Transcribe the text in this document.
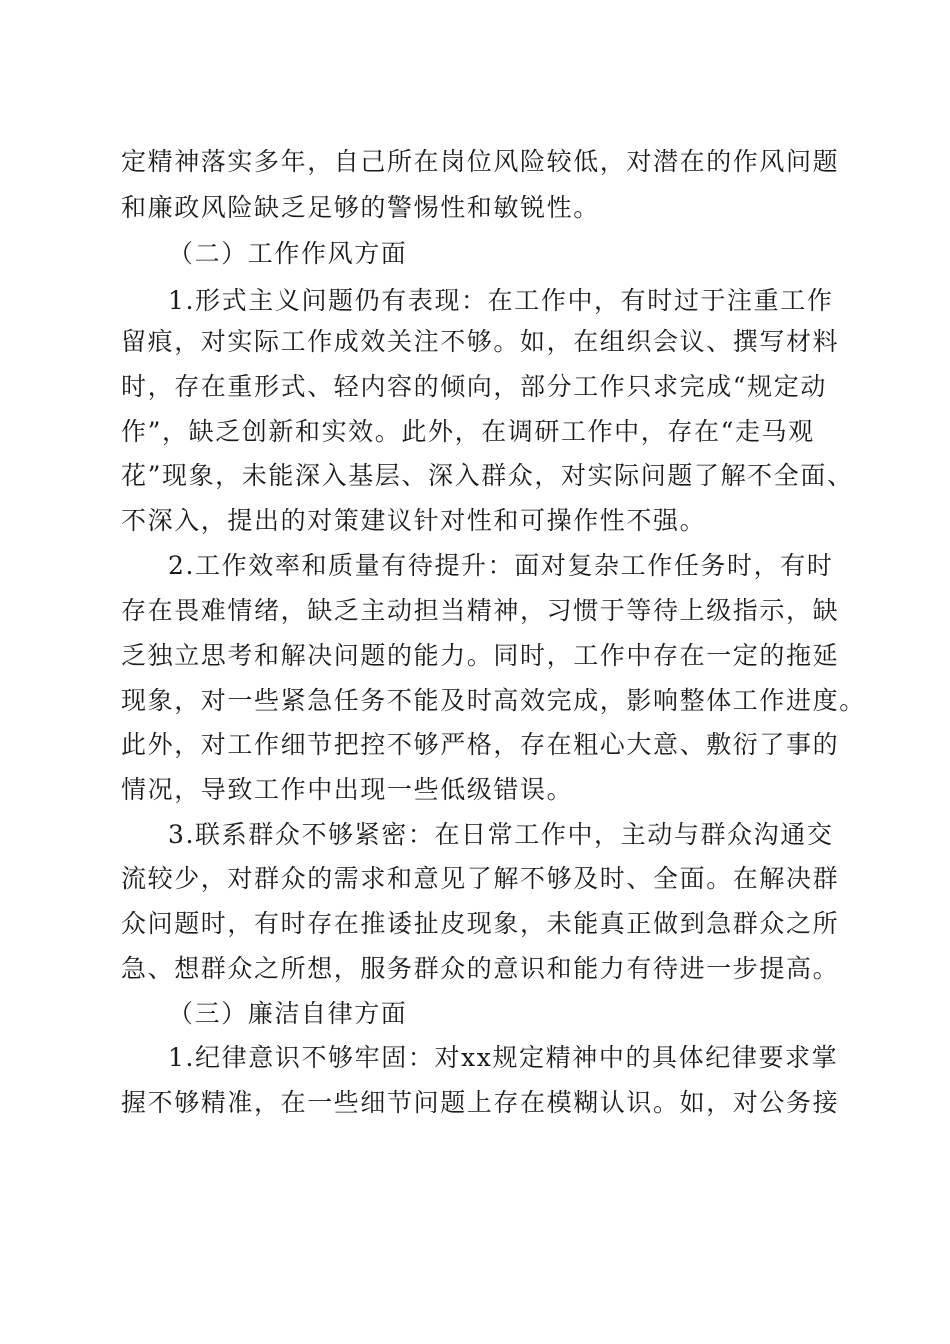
定精神落实多年，自己所在岗位风险较低，对潜在的作风问题
和廉政风险缺乏足够的警惕性和敏锐性。
（二）工作作风方面
1.形式主义问题仍有表现：在工作中，有时过于注重工作
留痕，对实际工作成效关注不够。如，在组织会议、撰写材料
时，存在重形式、轻内容的倾向，部分工作只求完成“规定动
作”，缺乏创新和实效。此外，在调研工作中，存在“走马观
花”现象，未能深入基层、深入群众，对实际问题了解不全面、
不深入，提出的对策建议针对性和可操作性不强。
2.工作效率和质量有待提升：面对复杂工作任务时，有时
存在畏难情绪，缺乏主动担当精神，习惯于等待上级指示，缺
乏独立思考和解决问题的能力。同时，工作中存在一定的拖延
现象，对一些紧急任务不能及时高效完成，影响整体工作进度。
此外，对工作细节把控不够严格，存在粗心大意、敷衍了事的
情况，导致工作中出现一些低级错误。
3.联系群众不够紧密：在日常工作中，主动与群众沟通交
流较少，对群众的需求和意见了解不够及时、全面。在解决群
众问题时，有时存在推诿扯皮现象，未能真正做到急群众之所
急、想群众之所想，服务群众的意识和能力有待进一步提高。
（三）廉洁自律方面
1.纪律意识不够牢固：对xx规定精神中的具体纪律要求掌
握不够精准，在一些细节问题上存在模糊认识。如，对公务接
